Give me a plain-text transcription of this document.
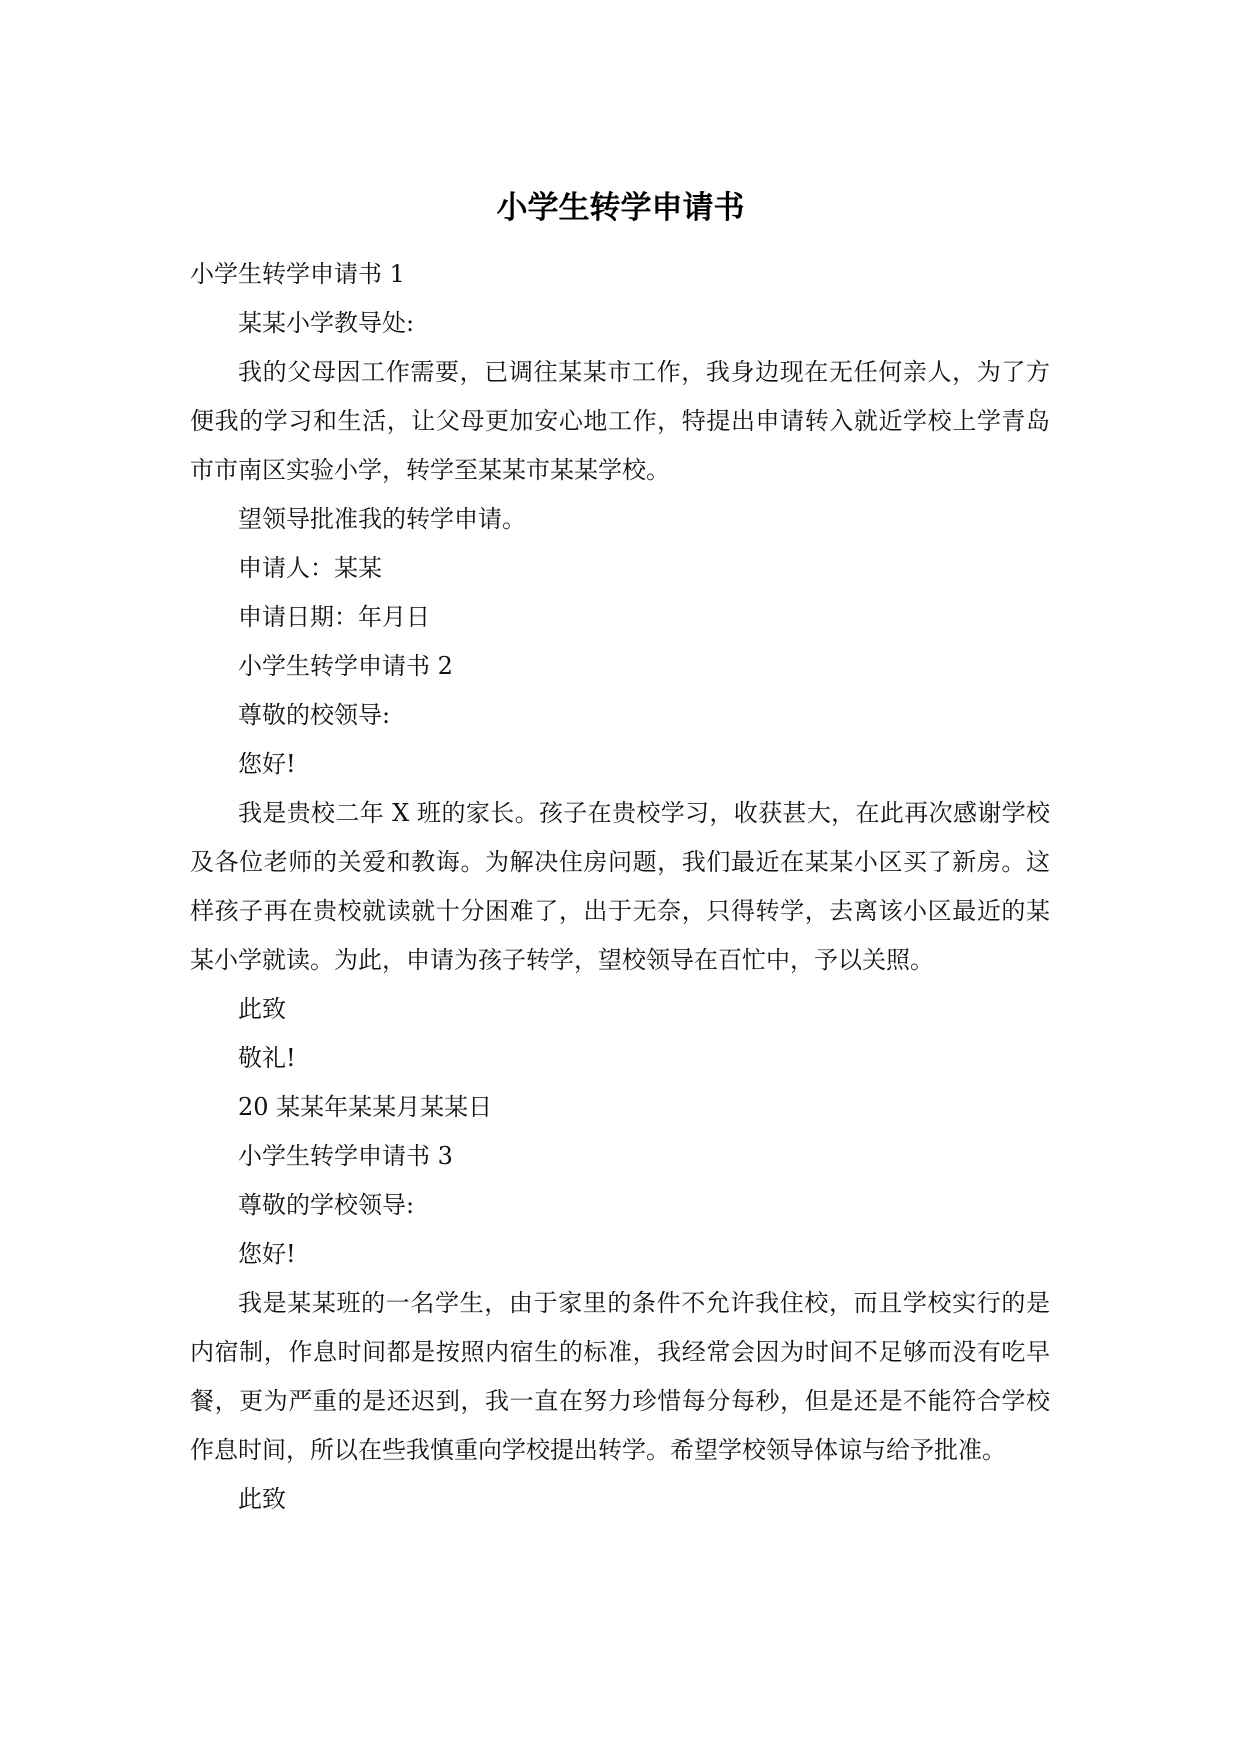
小学生转学申请书

小学生转学申请书 1

某某小学教导处:

我的父母因工作需要，已调往某某市工作，我身边现在无任何亲人，为了方便我的学习和生活，让父母更加安心地工作，特提出申请转入就近学校上学青岛市市南区实验小学，转学至某某市某某学校。

望领导批准我的转学申请。

申请人：某某

申请日期：年月日

小学生转学申请书 2

尊敬的校领导:

您好!

我是贵校二年 X 班的家长。孩子在贵校学习，收获甚大，在此再次感谢学校及各位老师的关爱和教诲。为解决住房问题，我们最近在某某小区买了新房。这样孩子再在贵校就读就十分困难了，出于无奈，只得转学，去离该小区最近的某某小学就读。为此，申请为孩子转学，望校领导在百忙中，予以关照。

此致

敬礼!

20 某某年某某月某某日

小学生转学申请书 3

尊敬的学校领导:

您好!

我是某某班的一名学生，由于家里的条件不允许我住校，而且学校实行的是内宿制，作息时间都是按照内宿生的标准，我经常会因为时间不足够而没有吃早餐，更为严重的是还迟到，我一直在努力珍惜每分每秒，但是还是不能符合学校作息时间，所以在些我慎重向学校提出转学。希望学校领导体谅与给予批准。

此致
